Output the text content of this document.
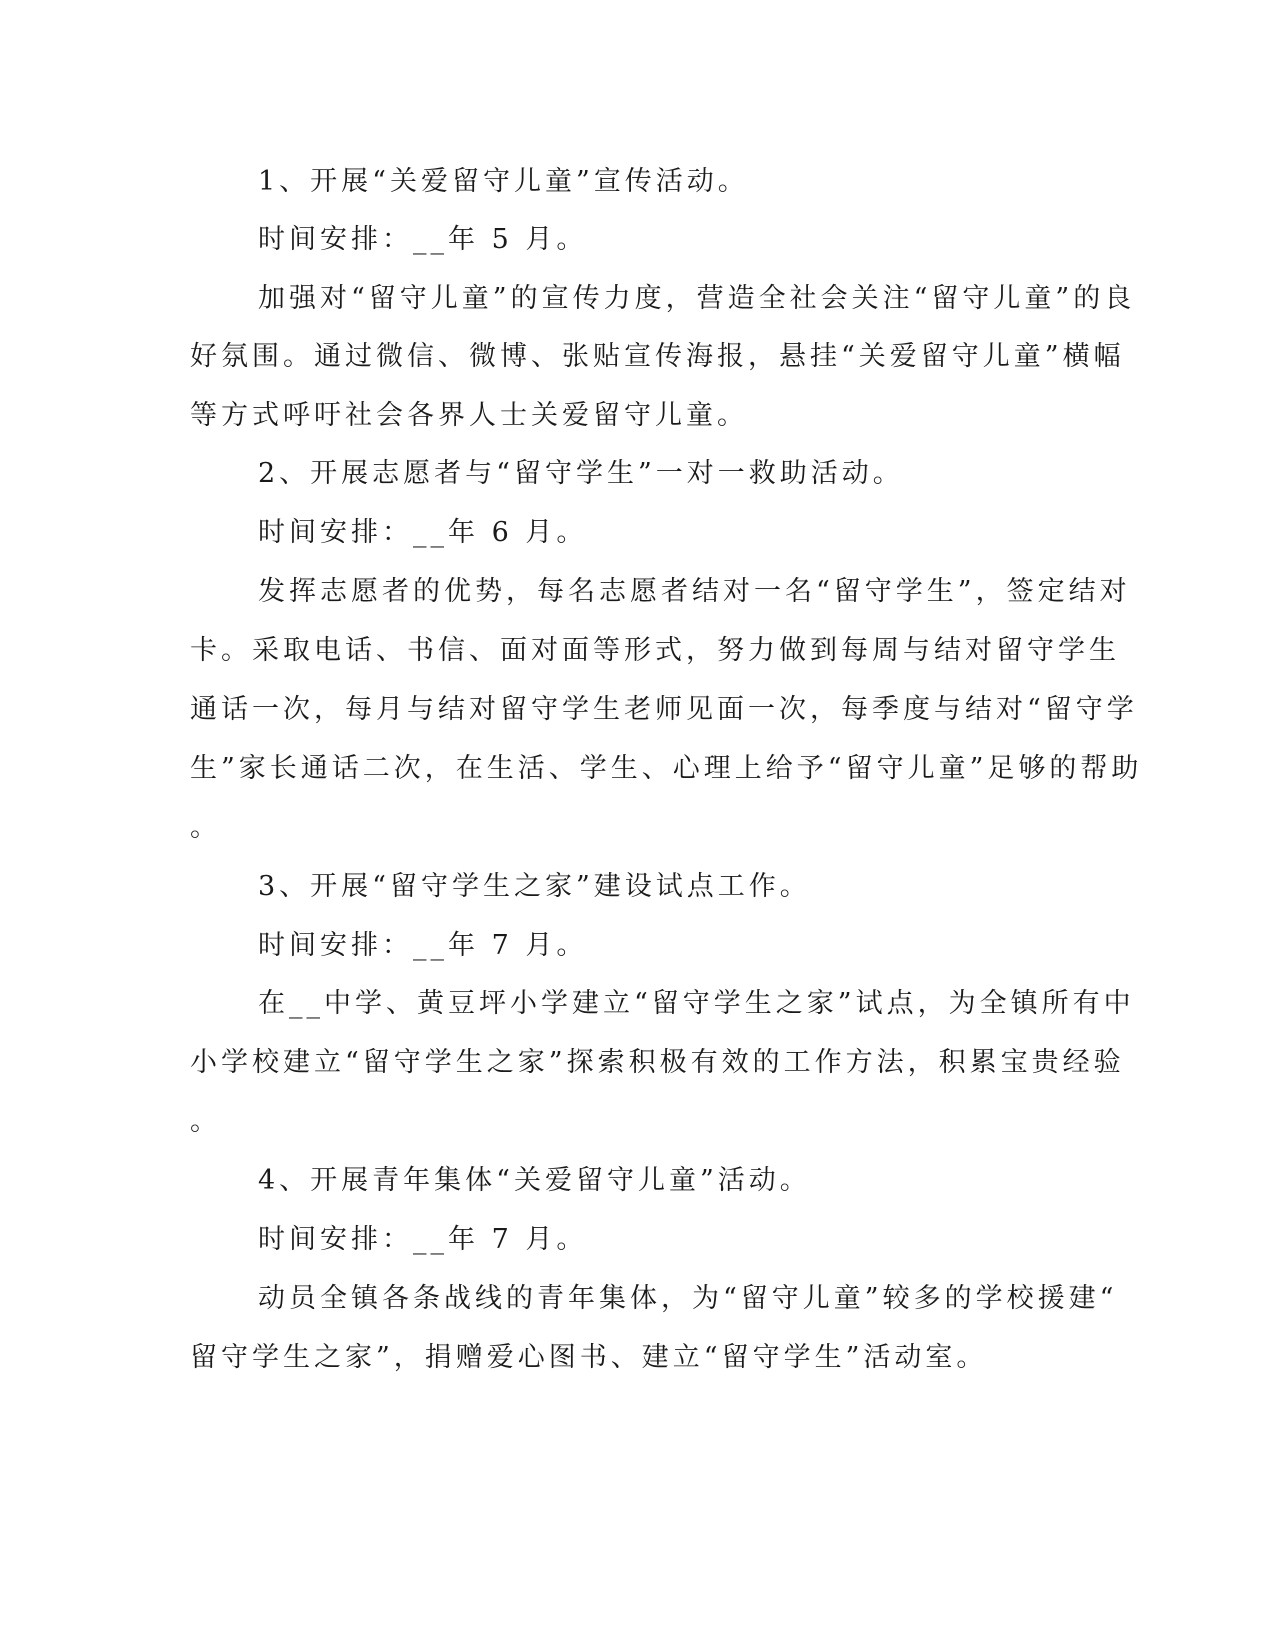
1、开展“关爱留守儿童”宣传活动。
时间安排：__年 5 月。
加强对“留守儿童”的宣传力度，营造全社会关注“留守儿童”的良
好氛围。通过微信、微博、张贴宣传海报，悬挂“关爱留守儿童”横幅
等方式呼吁社会各界人士关爱留守儿童。
2、开展志愿者与“留守学生”一对一救助活动。
时间安排：__年 6 月。
发挥志愿者的优势，每名志愿者结对一名“留守学生”，签定结对
卡。采取电话、书信、面对面等形式，努力做到每周与结对留守学生
通话一次，每月与结对留守学生老师见面一次，每季度与结对“留守学
生”家长通话二次，在生活、学生、心理上给予“留守儿童”足够的帮助
。
3、开展“留守学生之家”建设试点工作。
时间安排：__年 7 月。
在__中学、黄豆坪小学建立“留守学生之家”试点，为全镇所有中
小学校建立“留守学生之家”探索积极有效的工作方法，积累宝贵经验
。
4、开展青年集体“关爱留守儿童”活动。
时间安排：__年 7 月。
动员全镇各条战线的青年集体，为“留守儿童”较多的学校援建“
留守学生之家”，捐赠爱心图书、建立“留守学生”活动室。
